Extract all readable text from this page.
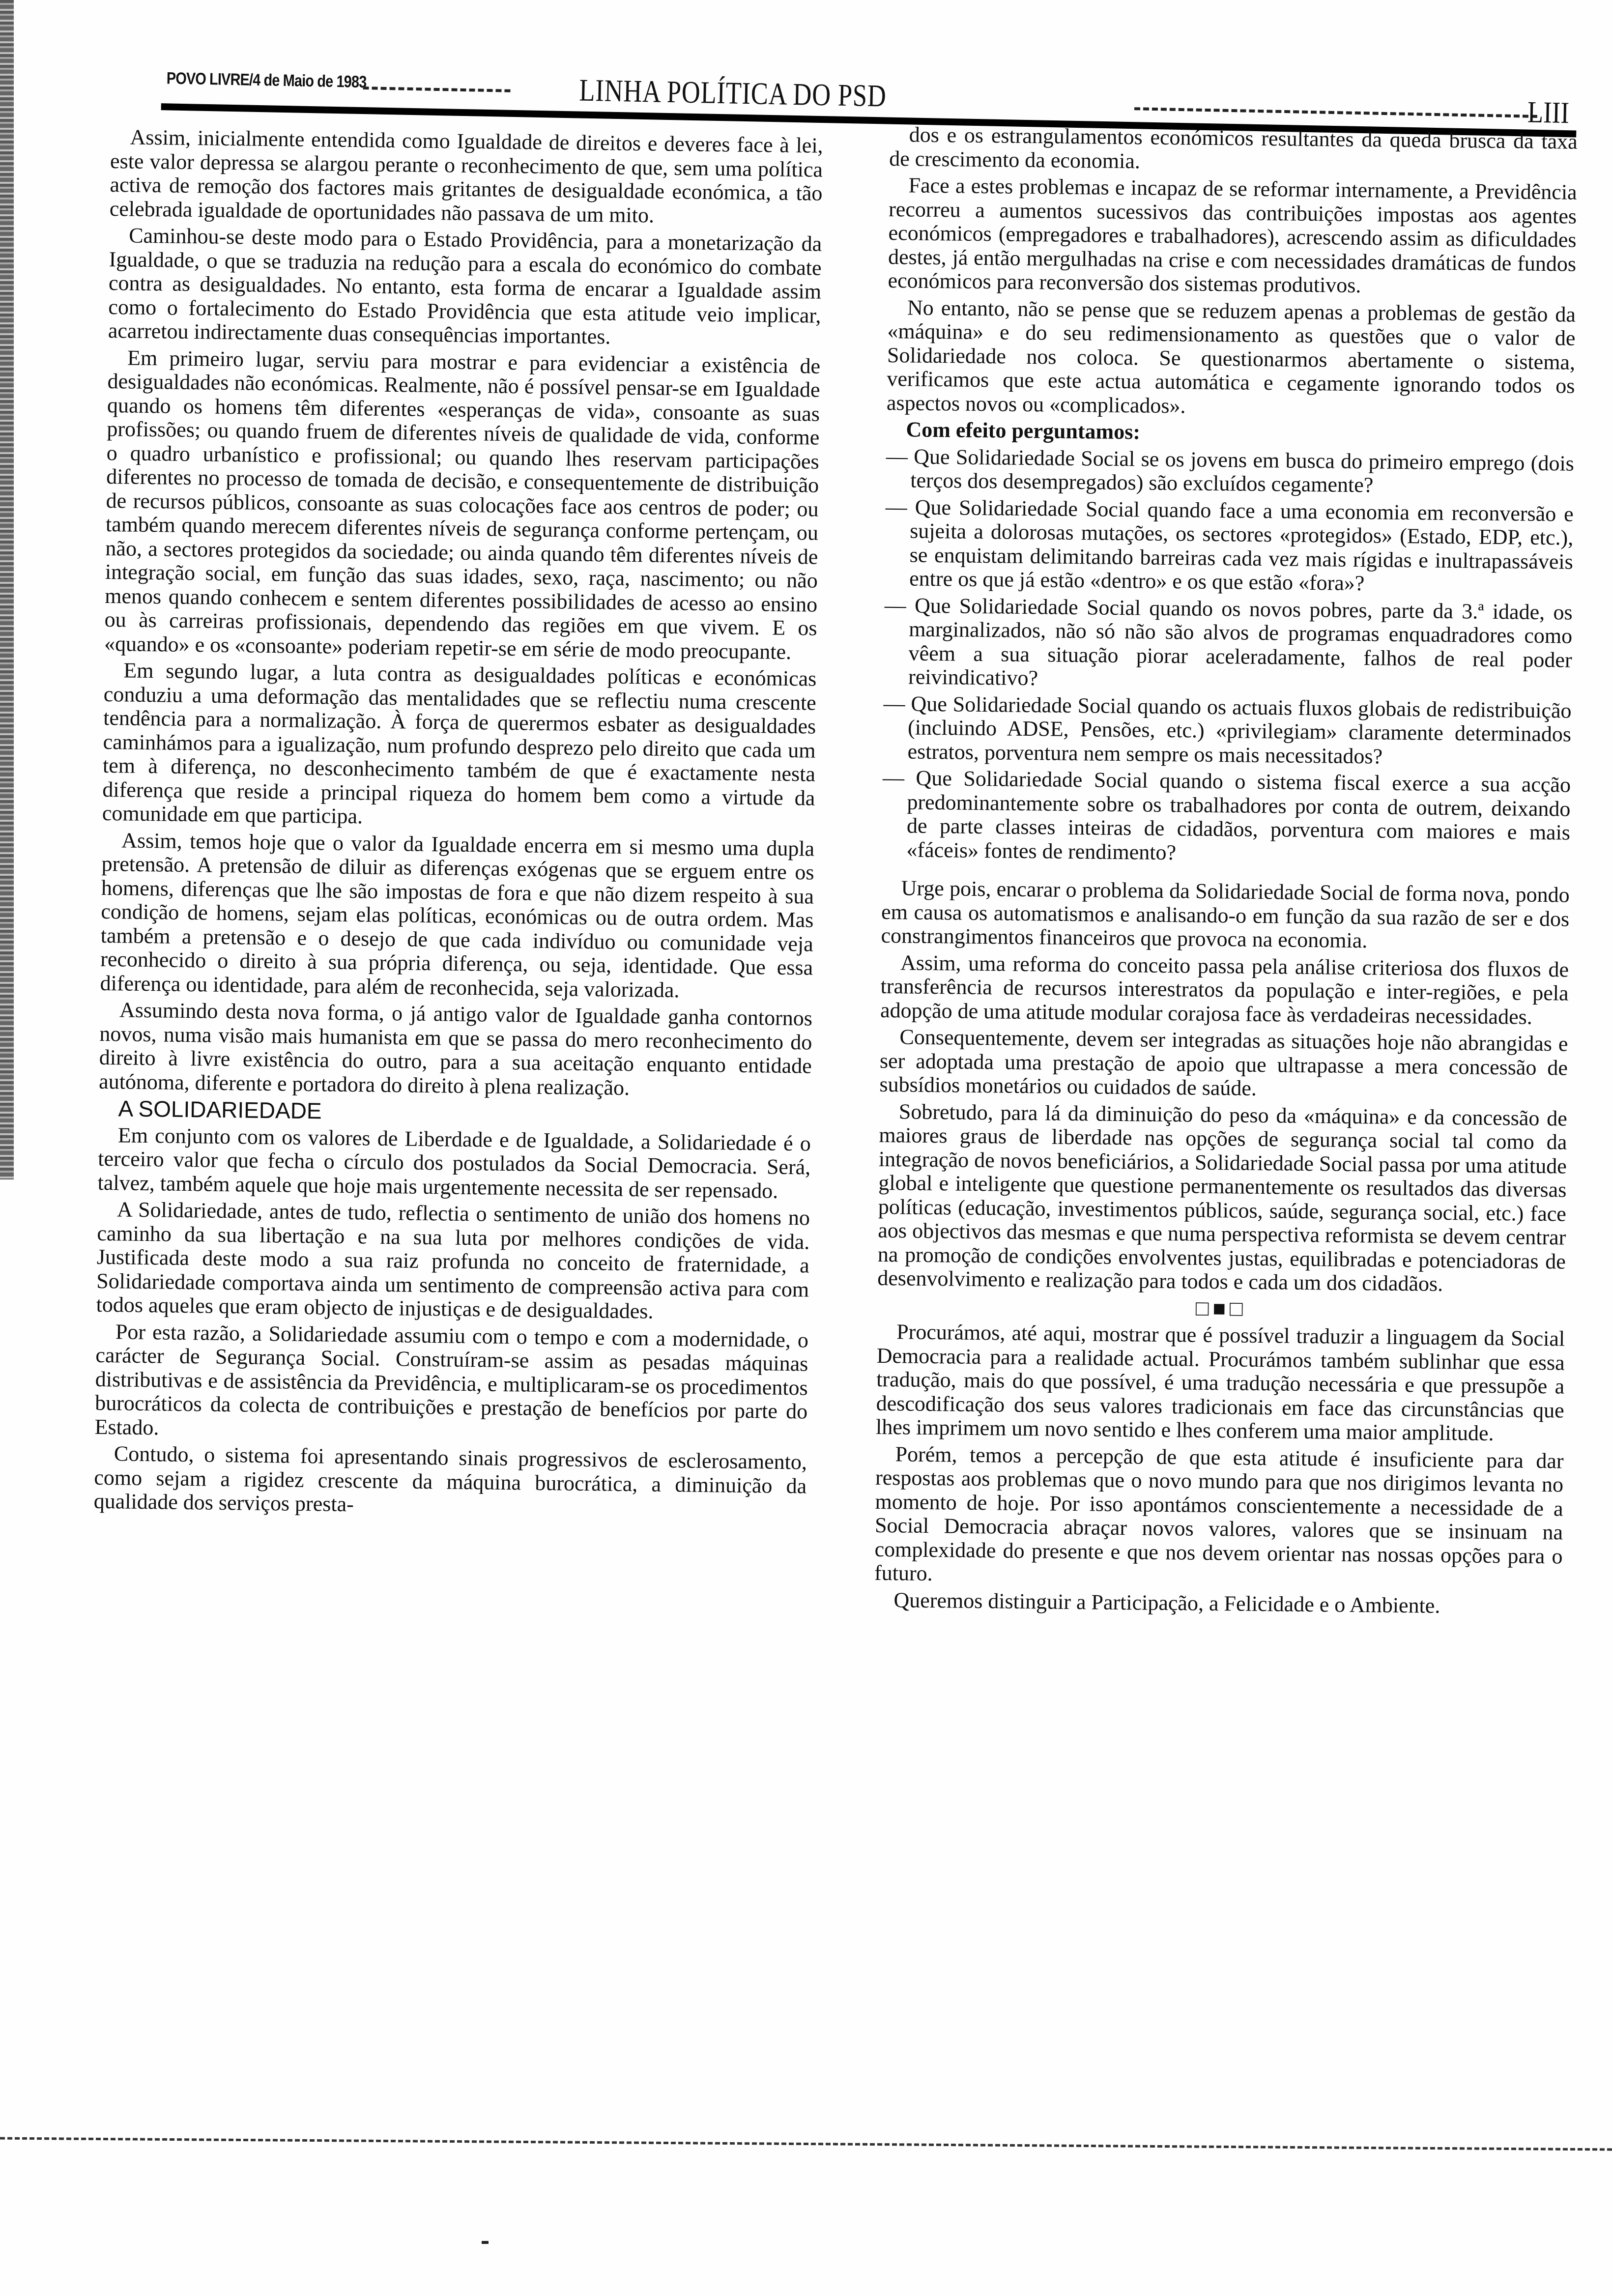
POVO LIVRE/4 de Maio de 1983	LINHA POLÍTICA DO PSD	LIII

Assim, inicialmente entendida como Igualdade de direitos e deveres face à lei, este valor depressa se alargou perante o reconhecimento de que, sem uma política activa de remoção dos factores mais gritantes de desigualdade económica, a tão celebrada igualdade de oportunidades não passava de um mito.

Caminhou-se deste modo para o Estado Providência, para a monetarização da Igualdade, o que se traduzia na redução para a escala do económico do combate contra as desigualdades. No entanto, esta forma de encarar a Igualdade assim como o fortalecimento do Estado Providência que esta atitude veio implicar, acarretou indirectamente duas consequências importantes.

Em primeiro lugar, serviu para mostrar e para evidenciar a existência de desigualdades não económicas. Realmente, não é possível pensar-se em Igualdade quando os homens têm diferentes «esperanças de vida», consoante as suas profissões; ou quando fruem de diferentes níveis de qualidade de vida, conforme o quadro urbanístico e profissional; ou quando lhes reservam participações diferentes no processo de tomada de decisão, e consequentemente de distribuição de recursos públicos, consoante as suas colocações face aos centros de poder; ou também quando merecem diferentes níveis de segurança conforme pertençam, ou não, a sectores protegidos da sociedade; ou ainda quando têm diferentes níveis de integração social, em função das suas idades, sexo, raça, nascimento; ou não menos quando conhecem e sentem diferentes possibilidades de acesso ao ensino ou às carreiras profissionais, dependendo das regiões em que vivem. E os «quando» e os «consoante» poderiam repetir-se em série de modo preocupante.

Em segundo lugar, a luta contra as desigualdades políticas e económicas conduziu a uma deformação das mentalidades que se reflectiu numa crescente tendência para a normalização. À força de querermos esbater as desigualdades caminhámos para a igualização, num profundo desprezo pelo direito que cada um tem à diferença, no desconhecimento também de que é exactamente nesta diferença que reside a principal riqueza do homem bem como a virtude da comunidade em que participa.

Assim, temos hoje que o valor da Igualdade encerra em si mesmo uma dupla pretensão. A pretensão de diluir as diferenças exógenas que se erguem entre os homens, diferenças que lhe são impostas de fora e que não dizem respeito à sua condição de homens, sejam elas políticas, económicas ou de outra ordem. Mas também a pretensão e o desejo de que cada indivíduo ou comunidade veja reconhecido o direito à sua própria diferença, ou seja, identidade. Que essa diferença ou identidade, para além de reconhecida, seja valorizada.

Assumindo desta nova forma, o já antigo valor de Igualdade ganha contornos novos, numa visão mais humanista em que se passa do mero reconhecimento do direito à livre existência do outro, para a sua aceitação enquanto entidade autónoma, diferente e portadora do direito à plena realização.

A SOLIDARIEDADE

Em conjunto com os valores de Liberdade e de Igualdade, a Solidariedade é o terceiro valor que fecha o círculo dos postulados da Social Democracia. Será, talvez, também aquele que hoje mais urgentemente necessita de ser repensado.

A Solidariedade, antes de tudo, reflectia o sentimento de união dos homens no caminho da sua libertação e na sua luta por melhores condições de vida. Justificada deste modo a sua raiz profunda no conceito de fraternidade, a Solidariedade comportava ainda um sentimento de compreensão activa para com todos aqueles que eram objecto de injustiças e de desigualdades.

Por esta razão, a Solidariedade assumiu com o tempo e com a modernidade, o carácter de Segurança Social. Construíram-se assim as pesadas máquinas distributivas e de assistência da Previdência, e multiplicaram-se os procedimentos burocráticos da colecta de contribuições e prestação de benefícios por parte do Estado.

Contudo, o sistema foi apresentando sinais progressivos de esclerosamento, como sejam a rigidez crescente da máquina burocrática, a diminuição da qualidade dos serviços presta-

dos e os estrangulamentos económicos resultantes da queda brusca da taxa de crescimento da economia.

Face a estes problemas e incapaz de se reformar internamente, a Previdência recorreu a aumentos sucessivos das contribuições impostas aos agentes económicos (empregadores e trabalhadores), acrescendo assim as dificuldades destes, já então mergulhadas na crise e com necessidades dramáticas de fundos económicos para reconversão dos sistemas produtivos.

No entanto, não se pense que se reduzem apenas a problemas de gestão da «máquina» e do seu redimensionamento as questões que o valor de Solidariedade nos coloca. Se questionarmos abertamente o sistema, verificamos que este actua automática e cegamente ignorando todos os aspectos novos ou «complicados».

Com efeito perguntamos:

— Que Solidariedade Social se os jovens em busca do primeiro emprego (dois terços dos desempregados) são excluídos cegamente?

— Que Solidariedade Social quando face a uma economia em reconversão e sujeita a dolorosas mutações, os sectores «protegidos» (Estado, EDP, etc.), se enquistam delimitando barreiras cada vez mais rígidas e inultrapassáveis entre os que já estão «dentro» e os que estão «fora»?

— Que Solidariedade Social quando os novos pobres, parte da 3.ª idade, os marginalizados, não só não são alvos de programas enquadradores como vêem a sua situação piorar aceleradamente, falhos de real poder reivindicativo?

— Que Solidariedade Social quando os actuais fluxos globais de redistribuição (incluindo ADSE, Pensões, etc.) «privilegiam» claramente determinados estratos, porventura nem sempre os mais necessitados?

— Que Solidariedade Social quando o sistema fiscal exerce a sua acção predominantemente sobre os trabalhadores por conta de outrem, deixando de parte classes inteiras de cidadãos, porventura com maiores e mais «fáceis» fontes de rendimento?

Urge pois, encarar o problema da Solidariedade Social de forma nova, pondo em causa os automatismos e analisando-o em função da sua razão de ser e dos constrangimentos financeiros que provoca na economia.

Assim, uma reforma do conceito passa pela análise criteriosa dos fluxos de transferência de recursos interestratos da população e inter-regiões, e pela adopção de uma atitude modular corajosa face às verdadeiras necessidades.

Consequentemente, devem ser integradas as situações hoje não abrangidas e ser adoptada uma prestação de apoio que ultrapasse a mera concessão de subsídios monetários ou cuidados de saúde.

Sobretudo, para lá da diminuição do peso da «máquina» e da concessão de maiores graus de liberdade nas opções de segurança social tal como da integração de novos beneficiários, a Solidariedade Social passa por uma atitude global e inteligente que questione permanentemente os resultados das diversas políticas (educação, investimentos públicos, saúde, segurança social, etc.) face aos objectivos das mesmas e que numa perspectiva reformista se devem centrar na promoção de condições envolventes justas, equilibradas e potenciadoras de desenvolvimento e realização para todos e cada um dos cidadãos.

□■□

Procurámos, até aqui, mostrar que é possível traduzir a linguagem da Social Democracia para a realidade actual. Procurámos também sublinhar que essa tradução, mais do que possível, é uma tradução necessária e que pressupõe a descodificação dos seus valores tradicionais em face das circunstâncias que lhes imprimem um novo sentido e lhes conferem uma maior amplitude.

Porém, temos a percepção de que esta atitude é insuficiente para dar respostas aos problemas que o novo mundo para que nos dirigimos levanta no momento de hoje. Por isso apontámos conscientemente a necessidade de a Social Democracia abraçar novos valores, valores que se insinuam na complexidade do presente e que nos devem orientar nas nossas opções para o futuro.

Queremos distinguir a Participação, a Felicidade e o Ambiente.
